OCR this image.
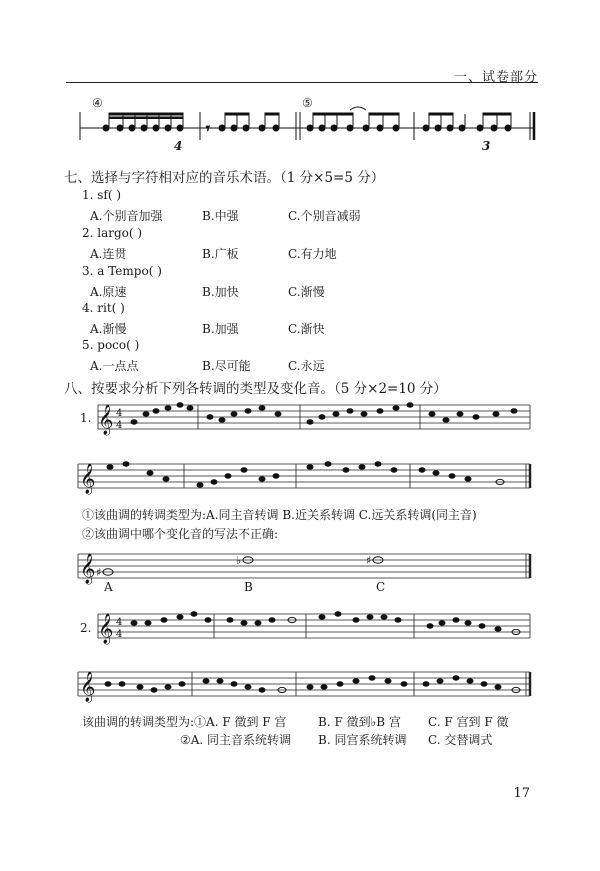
一、试卷部分
𝄾
𝄞 4
4
𝄞
𝄞 ♯
♭	♯
𝄞 4
4
𝄞
④	⑤
4	3
七、选择与字符相对应的音乐术语。（1 分×5=5 分）
1. sf( )
A.个别音加强	B.中强	C.个别音减弱
2. largo( )
A.连贯	B.广板	C.有力地
3. a Tempo( )
A.原速	B.加快	C.渐慢
4. rit( )
A.渐慢	B.加强	C.渐快
5. poco( )
A.一点点	B.尽可能	C.永远
八、按要求分析下列各转调的类型及变化音。（5 分×2=10 分）
1.
①该曲调的转调类型为:A.同主音转调 B.近关系转调 C.远关系转调(同主音)
②该曲调中哪个变化音的写法不正确:
A	B	C
2.
该曲调的转调类型为:①A. F 徵到 F 宫	B. F 徵到♭B 宫 C. F 宫到 F 徵
②A. 同主音系统转调 B. 同宫系统转调 C. 交替调式
17
